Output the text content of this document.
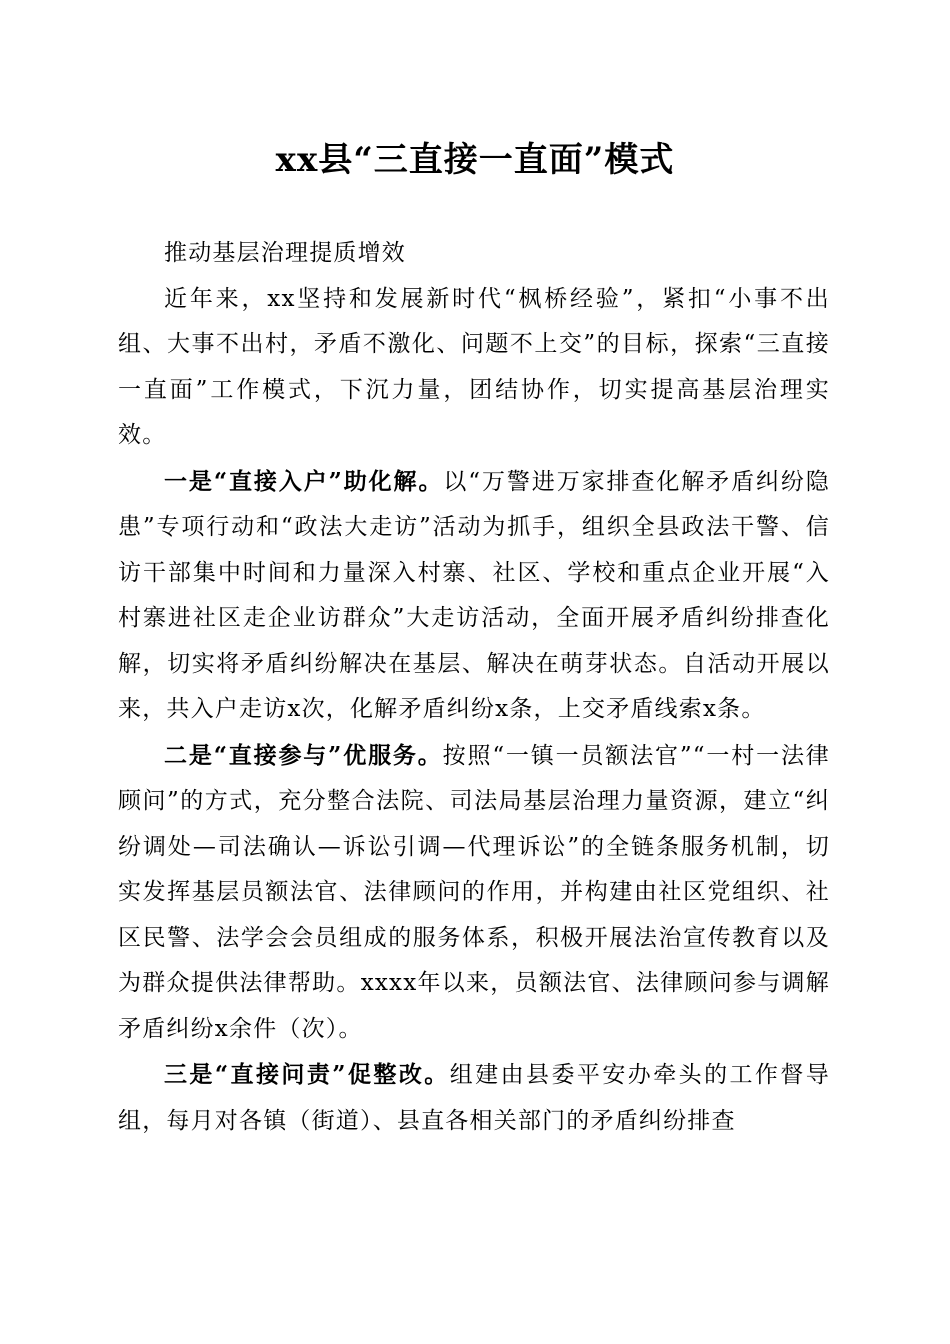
xx县“三直接一直面”模式

推动基层治理提质增效

近年来，xx坚持和发展新时代“枫桥经验”，紧扣“小事不出组、大事不出村，矛盾不激化、问题不上交”的目标，探索“三直接一直面”工作模式，下沉力量，团结协作，切实提高基层治理实效。

一是“直接入户”助化解。以“万警进万家排查化解矛盾纠纷隐患”专项行动和“政法大走访”活动为抓手，组织全县政法干警、信访干部集中时间和力量深入村寨、社区、学校和重点企业开展“入村寨进社区走企业访群众”大走访活动，全面开展矛盾纠纷排查化解，切实将矛盾纠纷解决在基层、解决在萌芽状态。自活动开展以来，共入户走访x次，化解矛盾纠纷x条，上交矛盾线索x条。

二是“直接参与”优服务。按照“一镇一员额法官”“一村一法律顾问”的方式，充分整合法院、司法局基层治理力量资源，建立“纠纷调处—司法确认—诉讼引调—代理诉讼”的全链条服务机制，切实发挥基层员额法官、法律顾问的作用，并构建由社区党组织、社区民警、法学会会员组成的服务体系，积极开展法治宣传教育以及为群众提供法律帮助。xxxx年以来，员额法官、法律顾问参与调解矛盾纠纷x余件（次）。

三是“直接问责”促整改。组建由县委平安办牵头的工作督导组，每月对各镇（街道）、县直各相关部门的矛盾纠纷排查
